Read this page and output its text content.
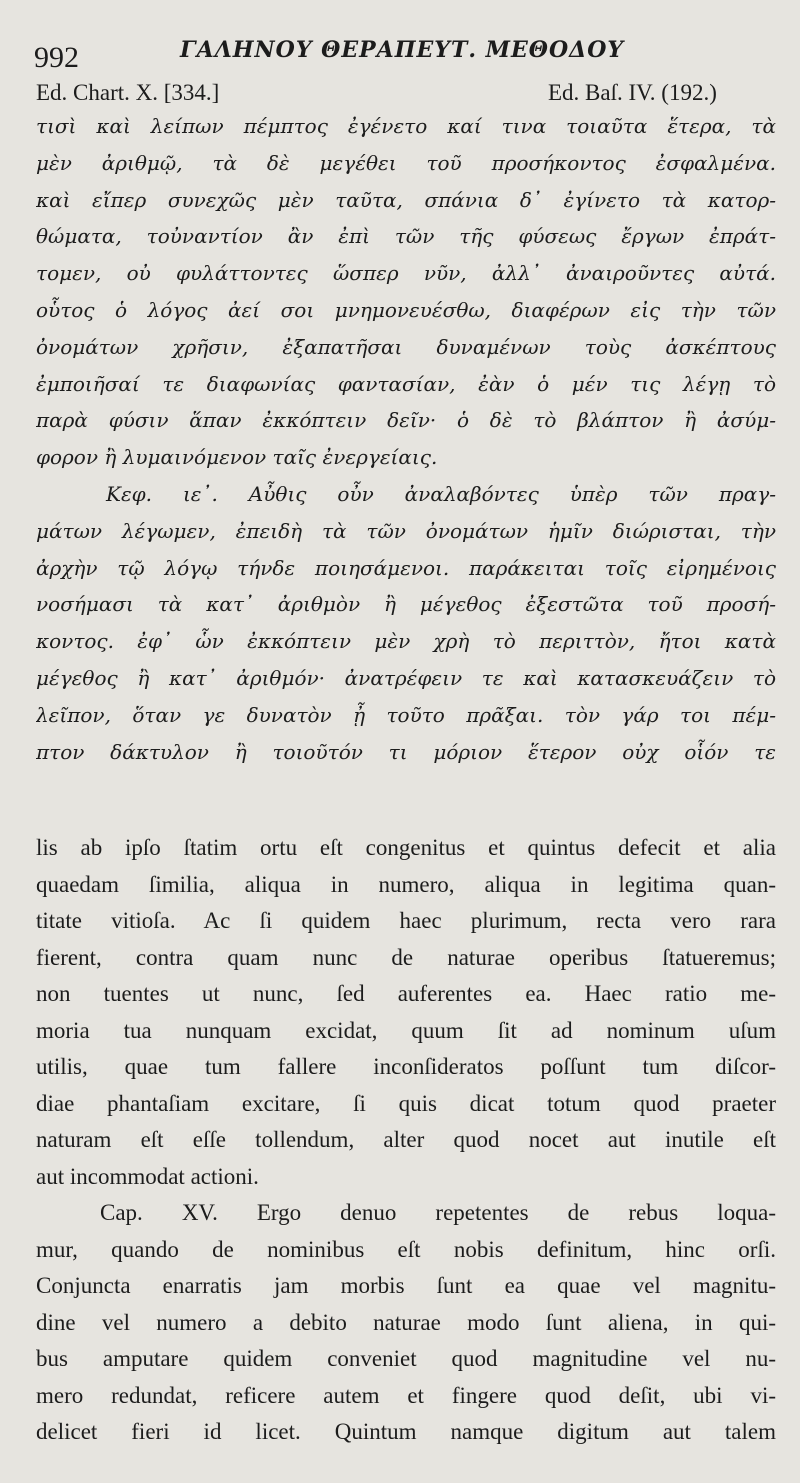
992	ΓΑΛΗΝΟΥ ΘΕΡΑΠΕΥΤ. ΜΕΘΟΔΟΥ
Ed. Chart. X. [334.]	Ed. Baſ. IV. (192.)
τισὶ καὶ λείπων πέμπτος ἐγένετο καί τινα τοιαῦτα ἕτερα, τὰ
μὲν ἀριθμῷ, τὰ δὲ μεγέθει τοῦ προσήκοντος ἐσφαλμένα.
καὶ εἴπερ συνεχῶς μὲν ταῦτα, σπάνια δ᾽ ἐγίνετο τὰ κατορ-
θώματα, τοὐναντίον ἂν ἐπὶ τῶν τῆς φύσεως ἔργων ἐπράτ-
τομεν, οὐ φυλάττοντες ὥσπερ νῦν, ἀλλ᾽ ἀναιροῦντες αὐτά.
οὗτος ὁ λόγος ἀεί σοι μνημονευέσθω, διαφέρων εἰς τὴν τῶν
ὀνομάτων χρῆσιν, ἐξαπατῆσαι δυναμένων τοὺς ἀσκέπτους
ἐμποιῆσαί τε διαφωνίας φαντασίαν, ἐὰν ὁ μέν τις λέγῃ τὸ
παρὰ φύσιν ἅπαν ἐκκόπτειν δεῖν· ὁ δὲ τὸ βλάπτον ἢ ἀσύμ-
φορον ἢ λυμαινόμενον ταῖς ἐνεργείαις.
Κεφ. ιε᾽. Αὖθις οὖν ἀναλαβόντες ὑπὲρ τῶν πραγ-
μάτων λέγωμεν, ἐπειδὴ τὰ τῶν ὀνομάτων ἡμῖν διώρισται, τὴν
ἀρχὴν τῷ λόγῳ τήνδε ποιησάμενοι. παράκειται τοῖς εἰρημένοις
νοσήμασι τὰ κατ᾽ ἀριθμὸν ἢ μέγεθος ἐξεστῶτα τοῦ προσή-
κοντος. ἐφ᾽ ὧν ἐκκόπτειν μὲν χρὴ τὸ περιττὸν, ἤτοι κατὰ
μέγεθος ἢ κατ᾽ ἀριθμόν· ἀνατρέφειν τε καὶ κατασκευάζειν τὸ
λεῖπον, ὅταν γε δυνατὸν ᾖ τοῦτο πρᾶξαι. τὸν γάρ τοι πέμ-
πτον δάκτυλον ἢ τοιοῦτόν τι μόριον ἕτερον οὐχ οἷόν τε
lis ab ipſo ſtatim ortu eſt congenitus et quintus defecit et alia
quaedam ſimilia, aliqua in numero, aliqua in legitima quan-
titate vitioſa. Ac ſi quidem haec plurimum, recta vero rara
fierent, contra quam nunc de naturae operibus ſtatueremus;
non tuentes ut nunc, ſed auferentes ea. Haec ratio me-
moria tua nunquam excidat, quum ſit ad nominum uſum
utilis, quae tum fallere inconſideratos poſſunt tum diſcor-
diae phantaſiam excitare, ſi quis dicat totum quod praeter
naturam eſt eſſe tollendum, alter quod nocet aut inutile eſt
aut incommodat actioni.
Cap. XV. Ergo denuo repetentes de rebus loqua-
mur, quando de nominibus eſt nobis definitum, hinc orſi.
Conjuncta enarratis jam morbis ſunt ea quae vel magnitu-
dine vel numero a debito naturae modo ſunt aliena, in qui-
bus amputare quidem conveniet quod magnitudine vel nu-
mero redundat, reficere autem et fingere quod deſit, ubi vi-
delicet fieri id licet. Quintum namque digitum aut talem
